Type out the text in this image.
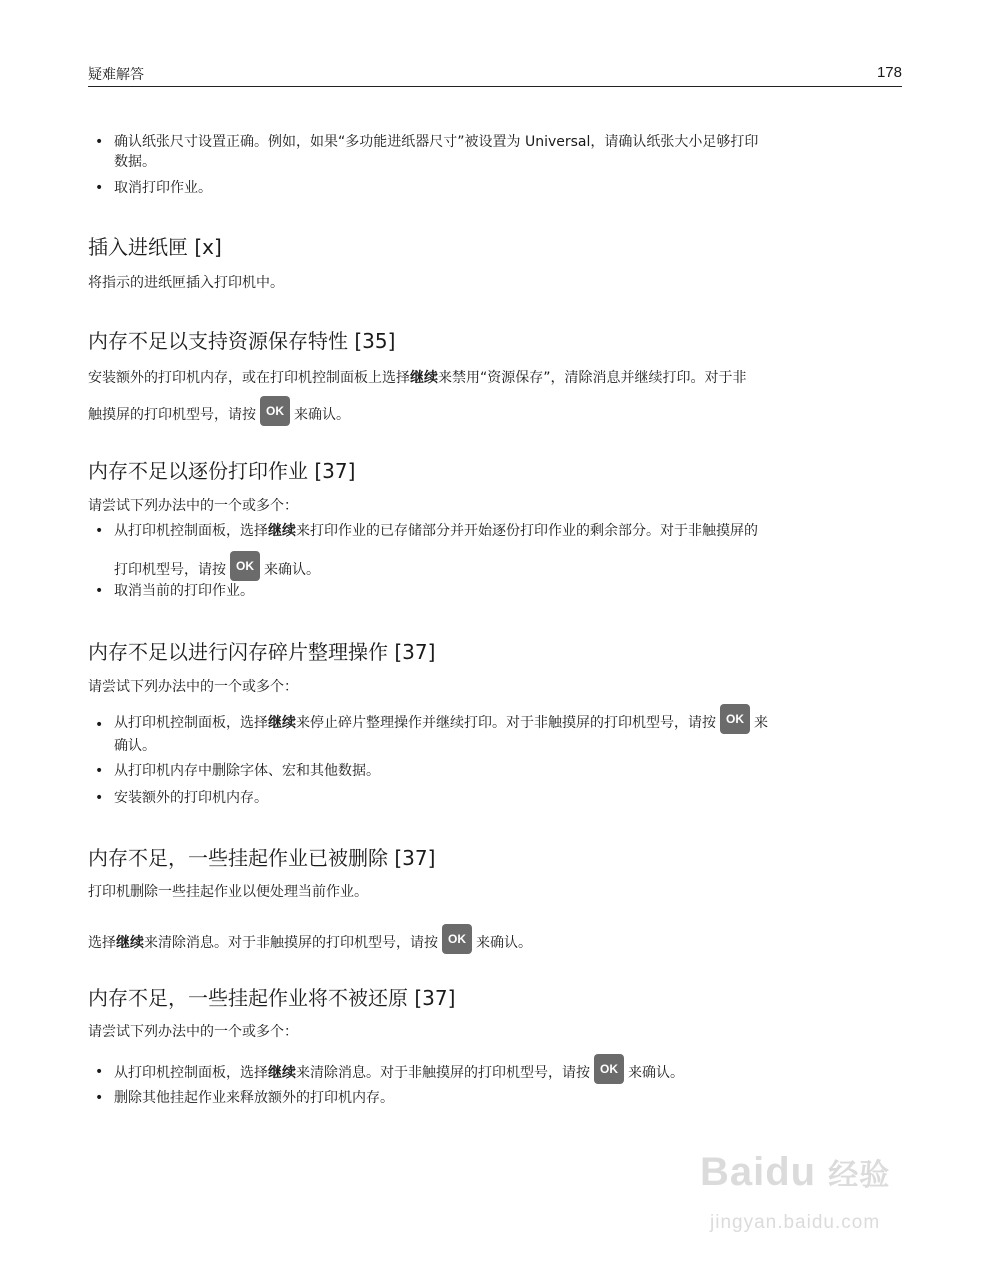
疑难解答	178
• 确认纸张尺寸设置正确。例如，如果“多功能进纸器尺寸”被设置为 Universal，请确认纸张大小足够打印
数据。
• 取消打印作业。
插入进纸匣 [x]
将指示的进纸匣插入打印机中。
内存不足以支持资源保存特性 [35]
安装额外的打印机内存，或在打印机控制面板上选择继续来禁用“资源保存”，清除消息并继续打印。对于非
触摸屏的打印机型号，请按 OK 来确认。
内存不足以逐份打印作业 [37]
请尝试下列办法中的一个或多个：
• 从打印机控制面板，选择继续来打印作业的已存储部分并开始逐份打印作业的剩余部分。对于非触摸屏的
打印机型号，请按 OK 来确认。
• 取消当前的打印作业。
内存不足以进行闪存碎片整理操作 [37]
请尝试下列办法中的一个或多个：
• 从打印机控制面板，选择继续来停止碎片整理操作并继续打印。对于非触摸屏的打印机型号，请按 OK 来
确认。
• 从打印机内存中删除字体、宏和其他数据。
• 安装额外的打印机内存。
内存不足，一些挂起作业已被删除 [37]
打印机删除一些挂起作业以便处理当前作业。
选择继续来清除消息。对于非触摸屏的打印机型号，请按 OK 来确认。
内存不足，一些挂起作业将不被还原 [37]
请尝试下列办法中的一个或多个：
• 从打印机控制面板，选择继续来清除消息。对于非触摸屏的打印机型号，请按 OK 来确认。
• 删除其他挂起作业来释放额外的打印机内存。
Baidu 经验
jingyan.baidu.com
